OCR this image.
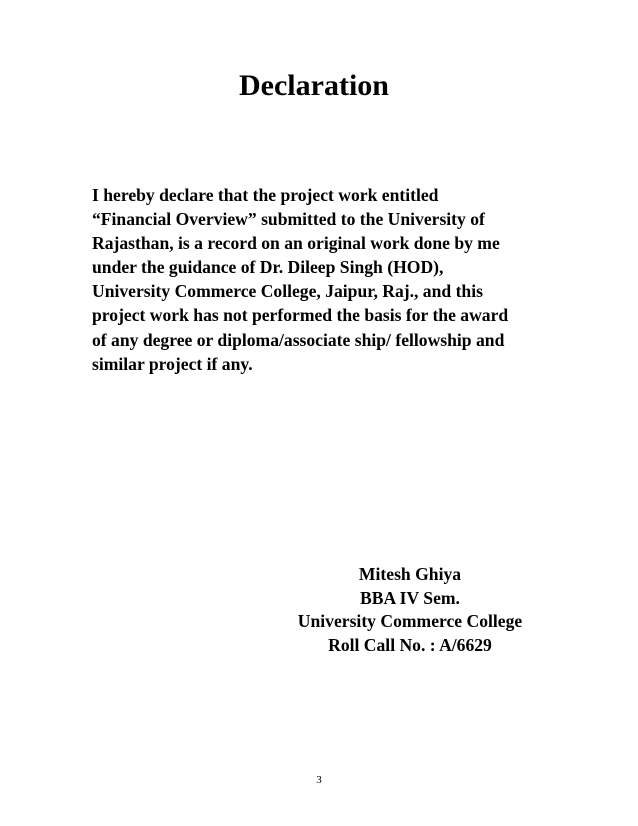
Declaration
I hereby declare that the project work entitled
“Financial Overview” submitted to the University of
Rajasthan, is a record on an original work done by me
under the guidance of Dr. Dileep Singh (HOD),
University Commerce College, Jaipur, Raj., and this
project work has not performed the basis for the award
of any degree or diploma/associate ship/ fellowship and
similar project if any.
Mitesh Ghiya
BBA IV Sem.
University Commerce College
Roll Call No. : A/6629
3
